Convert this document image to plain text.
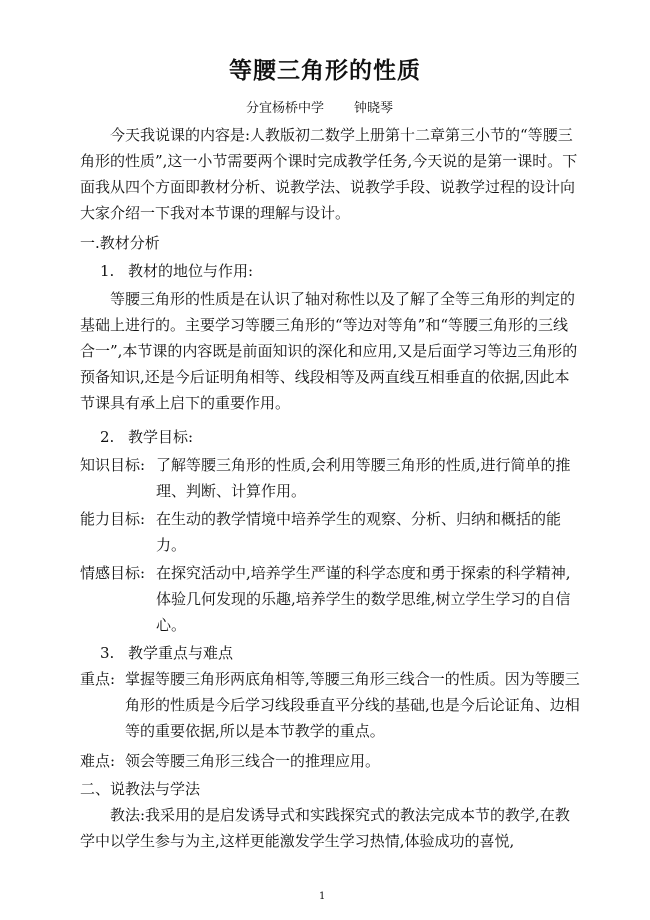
等腰三角形的性质
分宜杨桥中学 钟晓琴
今天我说课的内容是:人教版初二数学上册第十二章第三小节的“等腰三角形的性质”,这一小节需要两个课时完成教学任务,今天说的是第一课时。下面我从四个方面即教材分析、说教学法、说教学手段、说教学过程的设计向大家介绍一下我对本节课的理解与设计。
一.教材分析
1. 教材的地位与作用:
等腰三角形的性质是在认识了轴对称性以及了解了全等三角形的判定的基础上进行的。主要学习等腰三角形的“等边对等角”和“等腰三角形的三线合一”,本节课的内容既是前面知识的深化和应用,又是后面学习等边三角形的预备知识,还是今后证明角相等、线段相等及两直线互相垂直的依据,因此本节课具有承上启下的重要作用。
2. 教学目标:
知识目标: 了解等腰三角形的性质,会利用等腰三角形的性质,进行简单的推理、判断、计算作用。
能力目标: 在生动的教学情境中培养学生的观察、分析、归纳和概括的能力。
情感目标: 在探究活动中,培养学生严谨的科学态度和勇于探索的科学精神,体验几何发现的乐趣,培养学生的数学思维,树立学生学习的自信心。
3. 教学重点与难点
重点: 掌握等腰三角形两底角相等,等腰三角形三线合一的性质。因为等腰三角形的性质是今后学习线段垂直平分线的基础,也是今后论证角、边相等的重要依据,所以是本节教学的重点。
难点: 领会等腰三角形三线合一的推理应用。
二、说教法与学法
教法:我采用的是启发诱导式和实践探究式的教法完成本节的教学,在教学中以学生参与为主,这样更能激发学生学习热情,体验成功的喜悦,
1
